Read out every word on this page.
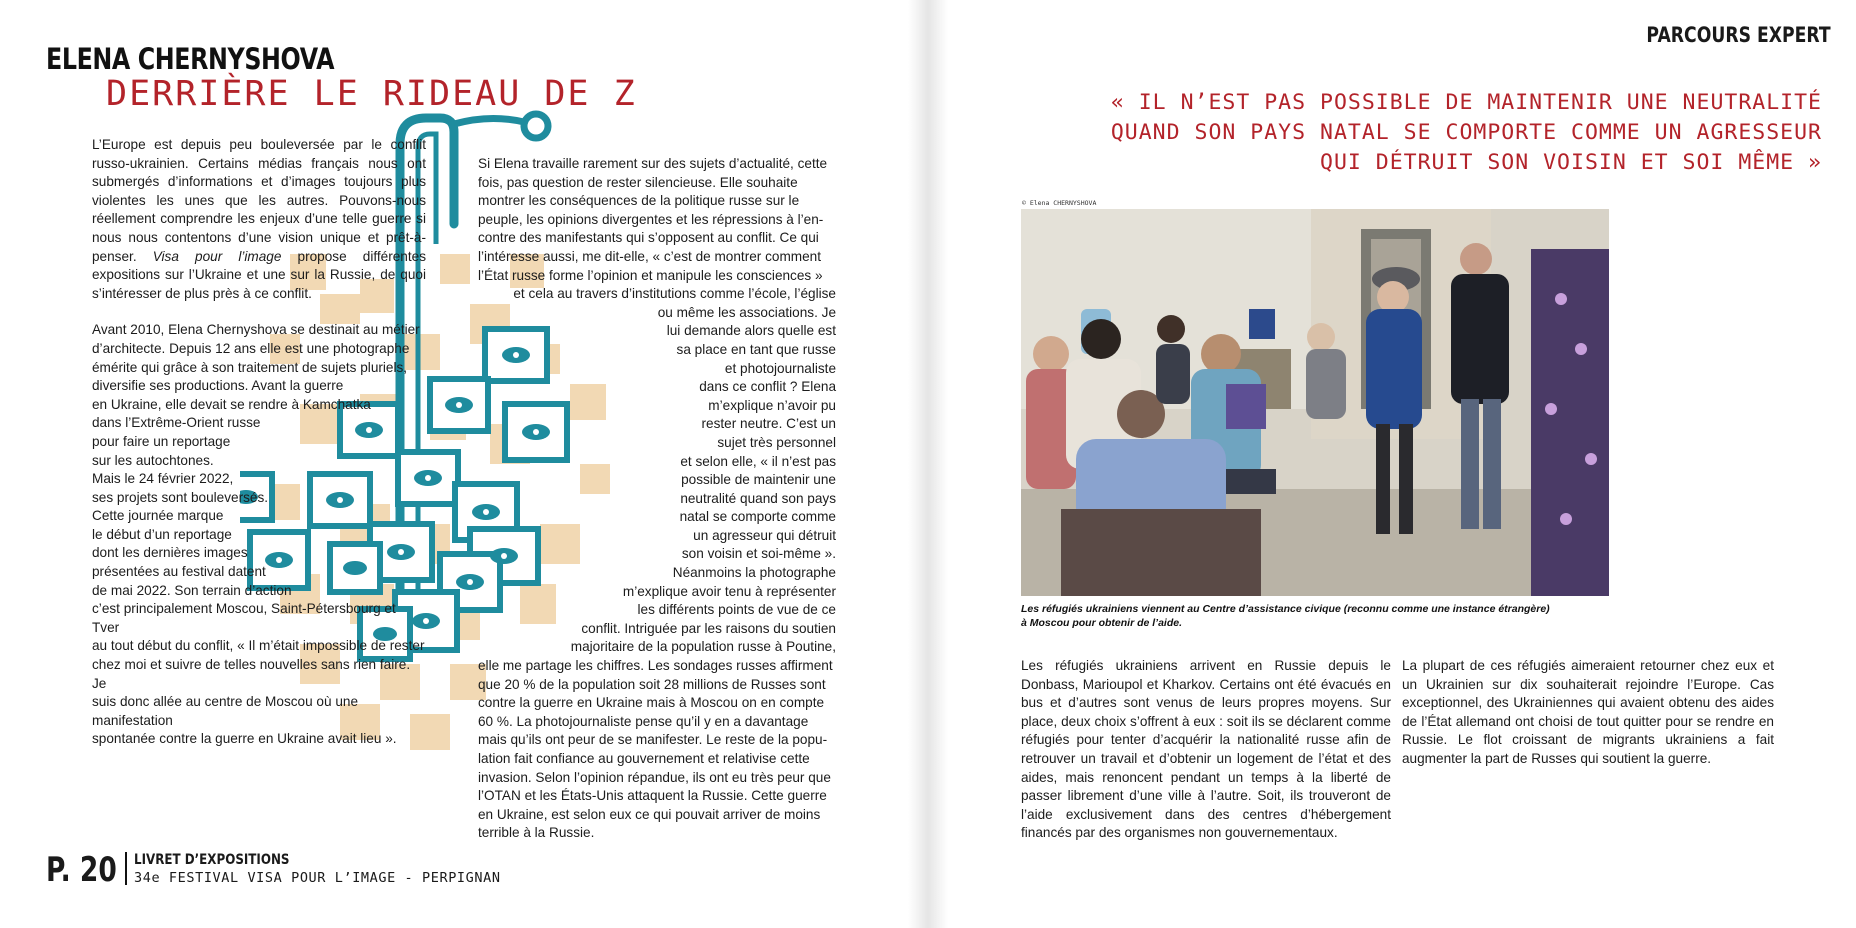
ELENA CHERNYSHOVA
DERRIÈRE LE RIDEAU DE Z

L’Europe est depuis peu bouleversée par le conflit russo-ukrainien. Certains médias français nous ont submergés d’informations et d’images toujours plus violentes les unes que les autres. Pouvons-nous réellement comprendre les enjeux d’une telle guerre si nous nous contentons d’une vision unique et prêt-à-penser. Visa pour l’image propose différentes expositions sur l’Ukraine et une sur la Russie, de quoi s’intéresser de plus près à ce conflit.

Avant 2010, Elena Chernyshova se destinait au métier
d’architecte. Depuis 12 ans elle est une photographe
émérite qui grâce à son traitement de sujets pluriels,
diversifie ses productions. Avant la guerre
en Ukraine, elle devait se rendre à Kamchatka
dans l’Extrême-Orient russe
pour faire un reportage
sur les autochtones.
Mais le 24 février 2022,
ses projets sont bouleversés.
Cette journée marque
le début d’un reportage
dont les dernières images
présentées au festival datent
de mai 2022. Son terrain d’action
c’est principalement Moscou, Saint-Pétersbourg et Tver
au tout début du conflit, « Il m’était impossible de rester
chez moi et suivre de telles nouvelles sans rien faire. Je
suis donc allée au centre de Moscou où une manifestation
spontanée contre la guerre en Ukraine avait lieu ».

Si Elena travaille rarement sur des sujets d’actualité, cette
fois, pas question de rester silencieuse. Elle souhaite
montrer les conséquences de la politique russe sur le
peuple, les opinions divergentes et les répressions à l’en-
contre des manifestants qui s’opposent au conflit. Ce qui
l’intéresse aussi, me dit-elle, « c’est de montrer comment
l’État russe forme l’opinion et manipule les consciences »
et cela au travers d’institutions comme l’école, l’église
ou même les associations. Je
lui demande alors quelle est
sa place en tant que russe
et photojournaliste
dans ce conflit ? Elena
m’explique n’avoir pu
rester neutre. C’est un
sujet très personnel
et selon elle, « il n’est pas
possible de maintenir une
neutralité quand son pays
natal se comporte comme
un agresseur qui détruit
son voisin et soi-même ».
Néanmoins la photographe
m’explique avoir tenu à représenter
les différents points de vue de ce
conflit. Intriguée par les raisons du soutien
majoritaire de la population russe à Poutine,
elle me partage les chiffres. Les sondages russes affirment
que 20 % de la population soit 28 millions de Russes sont
contre la guerre en Ukraine mais à Moscou on en compte
60 %. La photojournaliste pense qu’il y en a davantage
mais qu’ils ont peur de se manifester. Le reste de la popu-
lation fait confiance au gouvernement et relativise cette
invasion. Selon l’opinion répandue, ils ont eu très peur que
l’OTAN et les États-Unis attaquent la Russie. Cette guerre
en Ukraine, est selon eux ce qui pouvait arriver de moins
terrible à la Russie.

P. 20 LIVRET D’EXPOSITIONS
34e FESTIVAL VISA POUR L’IMAGE - PERPIGNAN
PARCOURS EXPERT
« IL N’EST PAS POSSIBLE DE MAINTENIR UNE NEUTRALITÉ
QUAND SON PAYS NATAL SE COMPORTE COMME UN AGRESSEUR
QUI DÉTRUIT SON VOISIN ET SOI MÊME »
© Elena CHERNYSHOVA
Les réfugiés ukrainiens viennent au Centre d’assistance civique (reconnu comme une instance étrangère)
à Moscou pour obtenir de l’aide.

Les réfugiés ukrainiens arrivent en Russie depuis le Donbass, Marioupol et Kharkov. Certains ont été évacués en bus et d’autres sont venus de leurs propres moyens. Sur place, deux choix s’offrent à eux : soit ils se déclarent comme réfugiés pour tenter d’acquérir la nationalité russe afin de retrouver un travail et d’obtenir un logement de l’état et des aides, mais renoncent pendant un temps à la liberté de passer librement d’une ville à l’autre. Soit, ils trouveront de l’aide exclusivement dans des centres d’hébergement financés par des organismes non gouvernementaux.

La plupart de ces réfugiés aimeraient retourner chez eux et un Ukrainien sur dix souhaiterait rejoindre l’Europe. Cas exceptionnel, des Ukrainiennes qui avaient obtenu des aides de l’État allemand ont choisi de tout quitter pour se rendre en Russie. Le flot croissant de migrants ukrainiens a fait augmenter la part de Russes qui soutient la guerre.
